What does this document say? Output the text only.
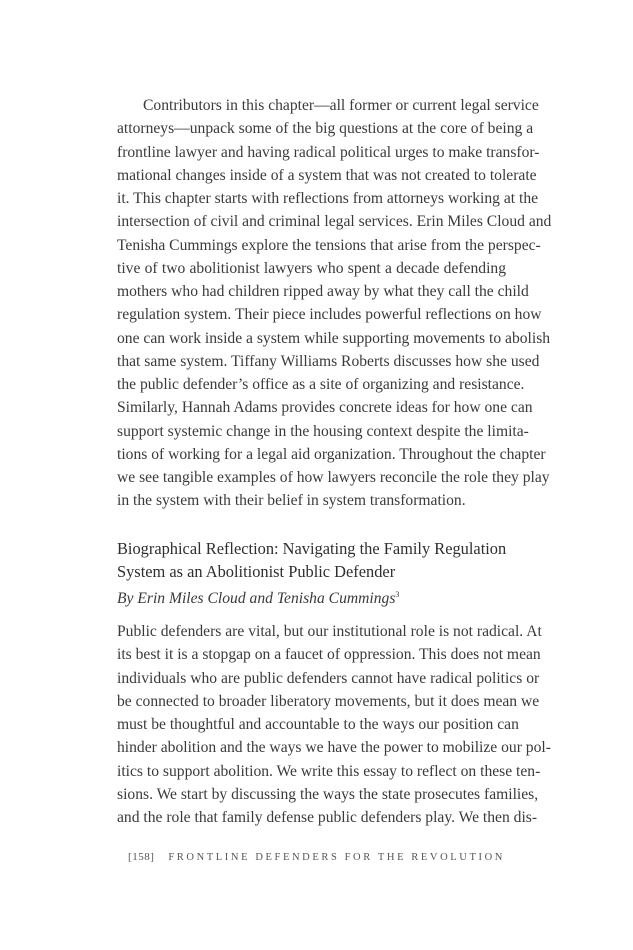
Contributors in this chapter—all former or current legal service
attorneys—unpack some of the big questions at the core of being a
frontline lawyer and having radical political urges to make transfor-
mational changes inside of a system that was not created to tolerate
it. This chapter starts with reflections from attorneys working at the
intersection of civil and criminal legal services. Erin Miles Cloud and
Tenisha Cummings explore the tensions that arise from the perspec-
tive of two abolitionist lawyers who spent a decade defending
mothers who had children ripped away by what they call the child
regulation system. Their piece includes powerful reflections on how
one can work inside a system while supporting movements to abolish
that same system. Tiffany Williams Roberts discusses how she used
the public defender’s office as a site of organizing and resistance.
Similarly, Hannah Adams provides concrete ideas for how one can
support systemic change in the housing context despite the limita-
tions of working for a legal aid organization. Throughout the chapter
we see tangible examples of how lawyers reconcile the role they play
in the system with their belief in system transformation.
Biographical Reflection: Navigating the Family Regulation
System as an Abolitionist Public Defender
By Erin Miles Cloud and Tenisha Cummings$^3$
Public defenders are vital, but our institutional role is not radical. At
its best it is a stopgap on a faucet of oppression. This does not mean
individuals who are public defenders cannot have radical politics or
be connected to broader liberatory movements, but it does mean we
must be thoughtful and accountable to the ways our position can
hinder abolition and the ways we have the power to mobilize our pol-
itics to support abolition. We write this essay to reflect on these ten-
sions. We start by discussing the ways the state prosecutes families,
and the role that family defense public defenders play. We then dis-
[158] FRONTLINE DEFENDERS FOR THE REVOLUTION
